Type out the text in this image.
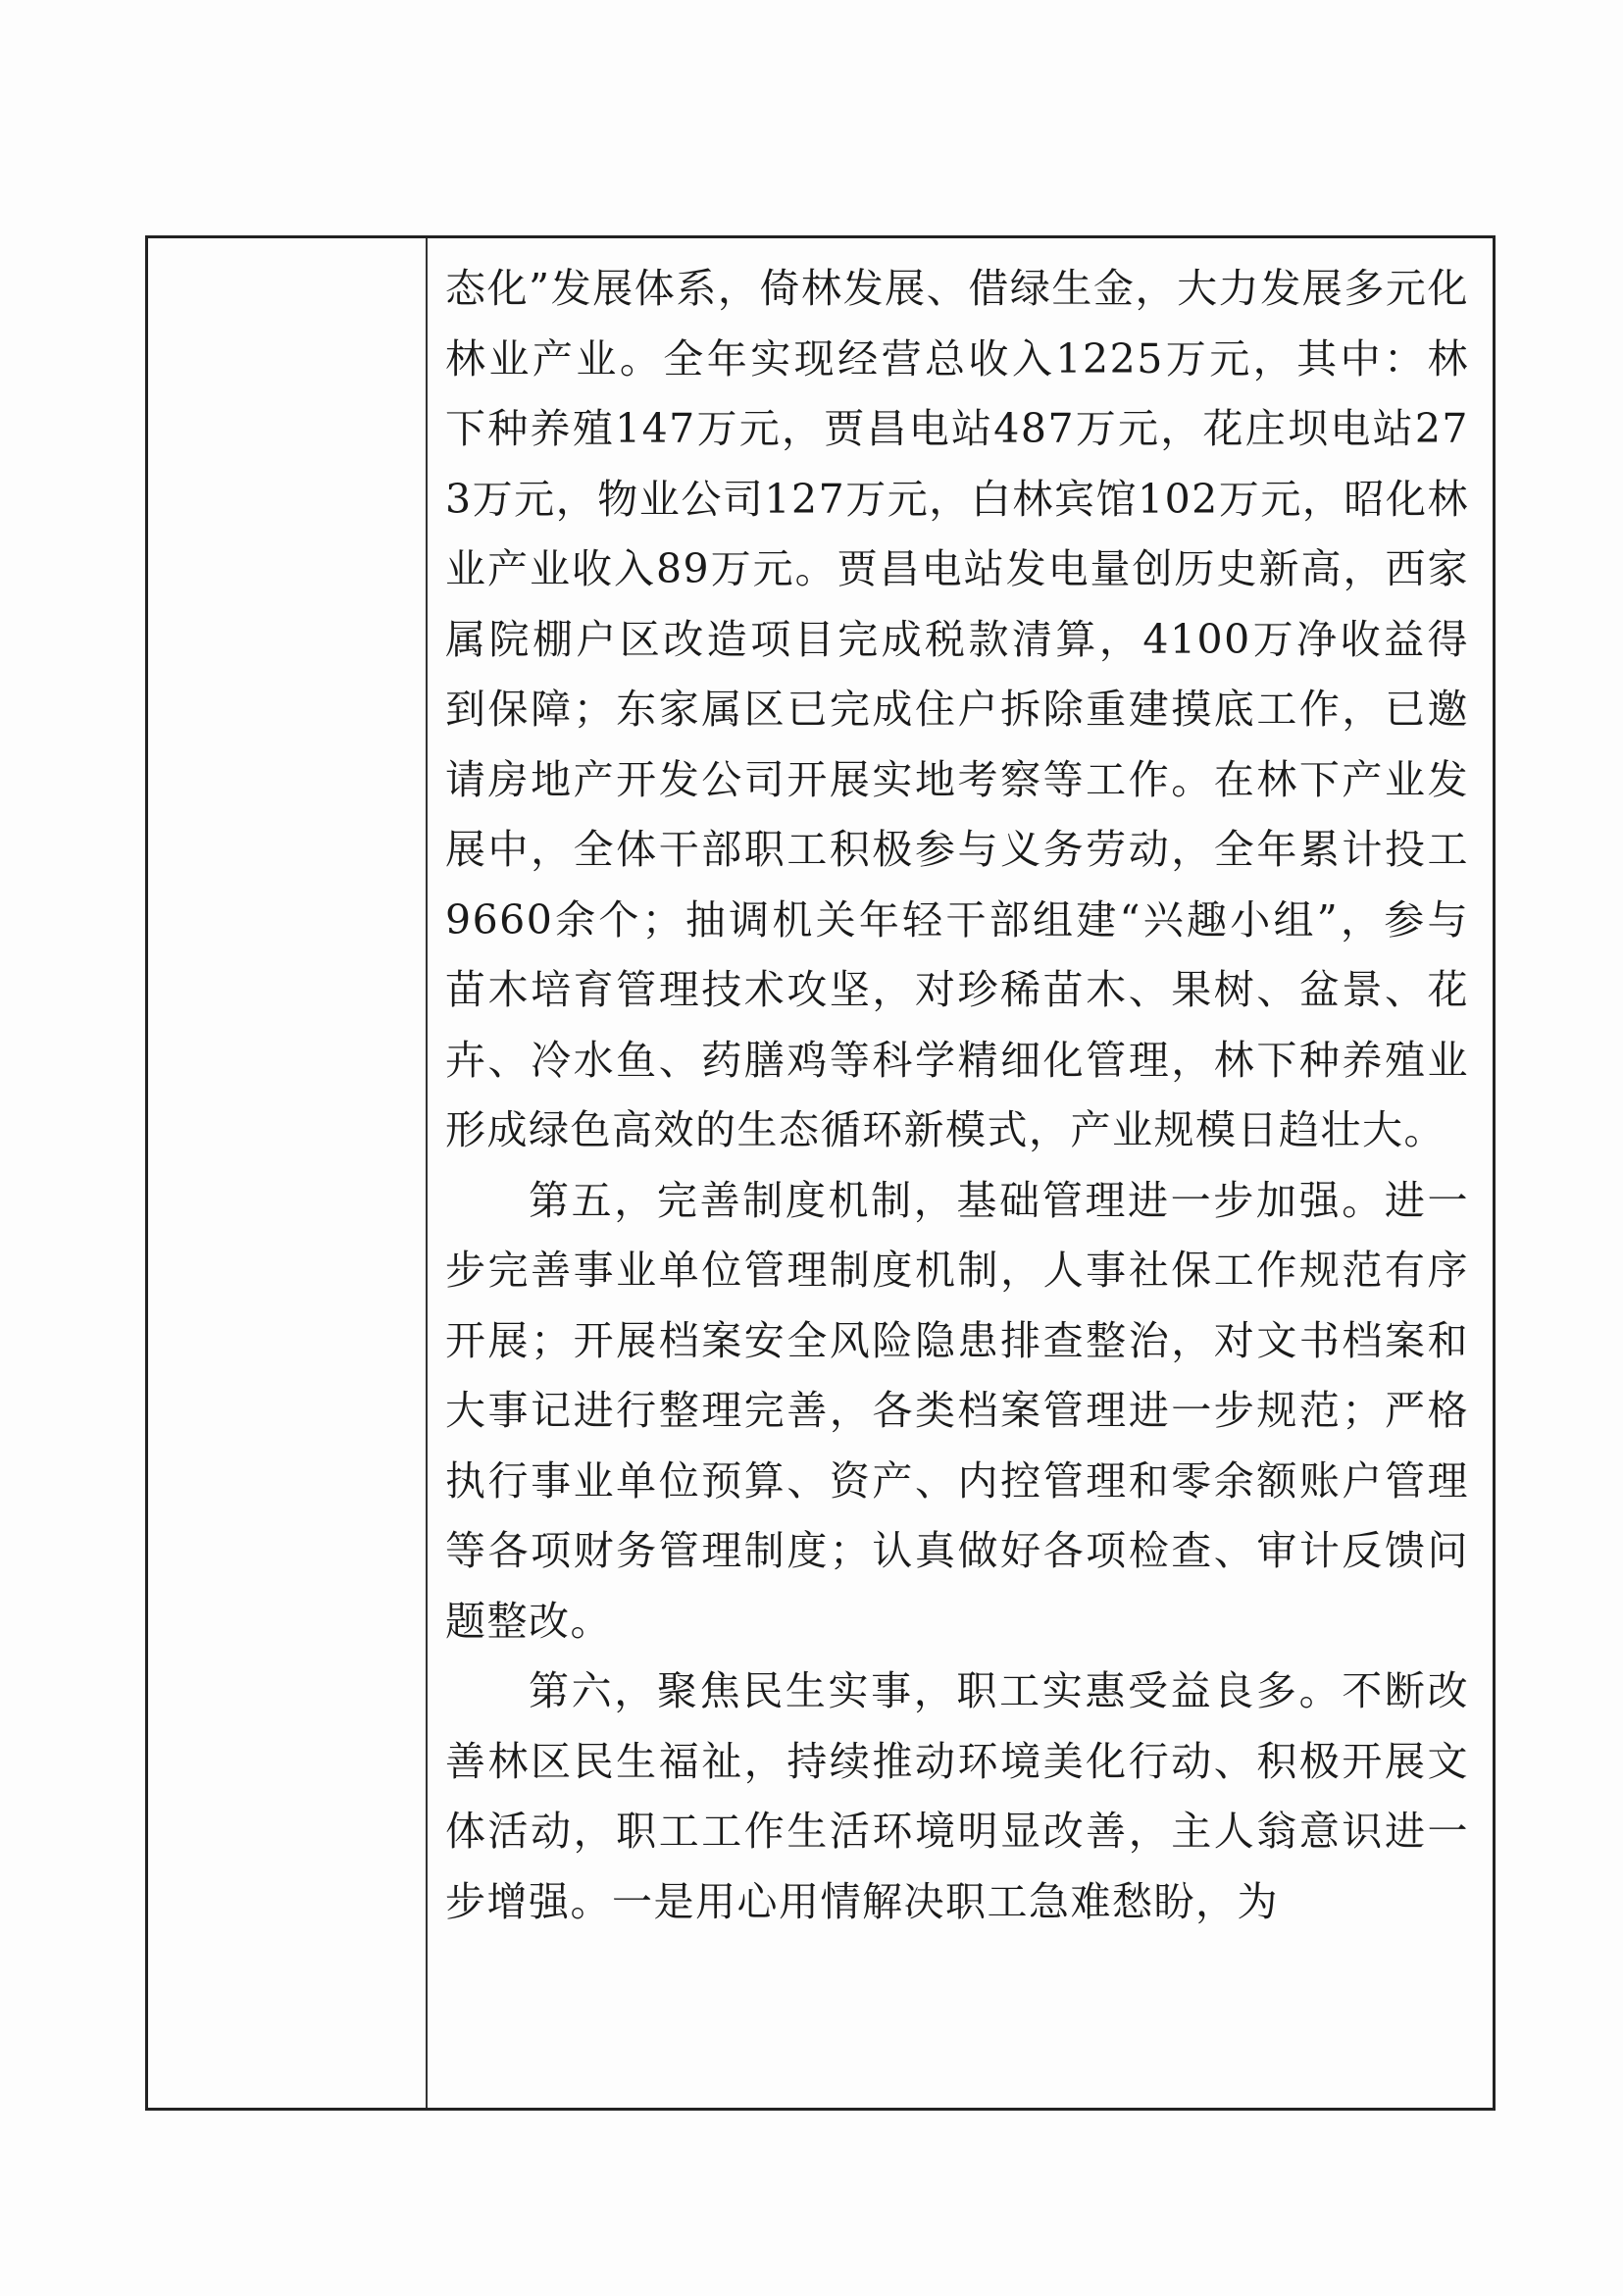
态化”发展体系，倚林发展、借绿生金，大力发展多元化林业产业。全年实现经营总收入1225万元，其中：林下种养殖147万元，贾昌电站487万元，花庄坝电站273万元，物业公司127万元，白林宾馆102万元，昭化林业产业收入89万元。贾昌电站发电量创历史新高，西家属院棚户区改造项目完成税款清算，4100万净收益得到保障；东家属区已完成住户拆除重建摸底工作，已邀请房地产开发公司开展实地考察等工作。在林下产业发展中，全体干部职工积极参与义务劳动，全年累计投工9660余个；抽调机关年轻干部组建“兴趣小组”，参与苗木培育管理技术攻坚，对珍稀苗木、果树、盆景、花卉、冷水鱼、药膳鸡等科学精细化管理，林下种养殖业形成绿色高效的生态循环新模式，产业规模日趋壮大。

第五，完善制度机制，基础管理进一步加强。进一步完善事业单位管理制度机制，人事社保工作规范有序开展；开展档案安全风险隐患排查整治，对文书档案和大事记进行整理完善，各类档案管理进一步规范；严格执行事业单位预算、资产、内控管理和零余额账户管理等各项财务管理制度；认真做好各项检查、审计反馈问题整改。

第六，聚焦民生实事，职工实惠受益良多。不断改善林区民生福祉，持续推动环境美化行动、积极开展文体活动，职工工作生活环境明显改善，主人翁意识进一步增强。一是用心用情解决职工急难愁盼，为
